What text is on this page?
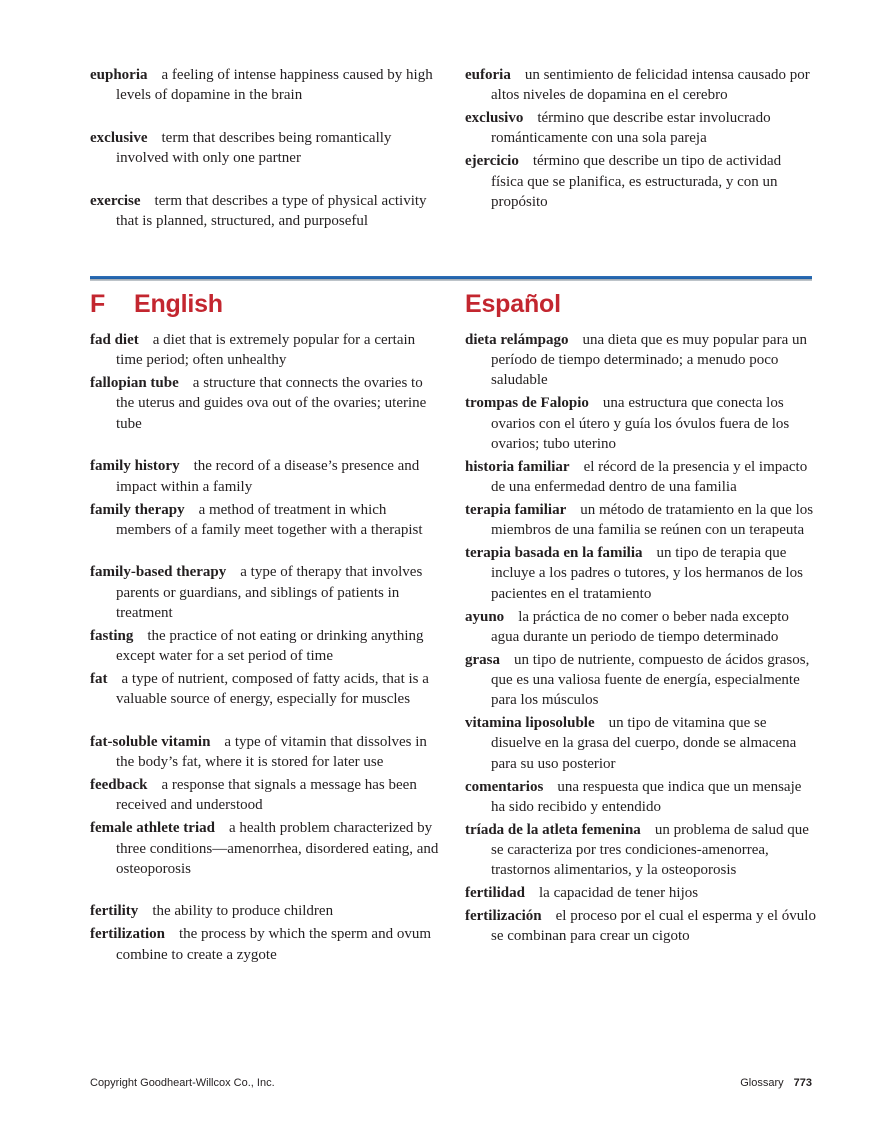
euphoria a feeling of intense happiness caused by high levels of dopamine in the brain
exclusive term that describes being romantically involved with only one partner
exercise term that describes a type of physical activity that is planned, structured, and purposeful
euforia un sentimiento de felicidad intensa causado por altos niveles de dopamina en el cerebro
exclusivo término que describe estar involucrado románticamente con una sola pareja
ejercicio término que describe un tipo de actividad física que se planifica, es estructurada, y con un propósito
F English	Español
fad diet a diet that is extremely popular for a certain time period; often unhealthy
fallopian tube a structure that connects the ovaries to the uterus and guides ova out of the ovaries; uterine tube
family history the record of a disease’s presence and impact within a family
family therapy a method of treatment in which members of a family meet together with a therapist
family-based therapy a type of therapy that involves parents or guardians, and siblings of patients in treatment
fasting the practice of not eating or drinking anything except water for a set period of time
fat a type of nutrient, composed of fatty acids, that is a valuable source of energy, especially for muscles
fat-soluble vitamin a type of vitamin that dissolves in the body’s fat, where it is stored for later use
feedback a response that signals a message has been received and understood
female athlete triad a health problem characterized by three conditions—amenorrhea, disordered eating, and osteoporosis
fertility the ability to produce children
fertilization the process by which the sperm and ovum combine to create a zygote
dieta relámpago una dieta que es muy popular para un período de tiempo determinado; a menudo poco saludable
trompas de Falopio una estructura que conecta los ovarios con el útero y guía los óvulos fuera de los ovarios; tubo uterino
historia familiar el récord de la presencia y el impacto de una enfermedad dentro de una familia
terapia familiar un método de tratamiento en la que los miembros de una familia se reúnen con un terapeuta
terapia basada en la familia un tipo de terapia que incluye a los padres o tutores, y los hermanos de los pacientes en el tratamiento
ayuno la práctica de no comer o beber nada excepto agua durante un periodo de tiempo determinado
grasa un tipo de nutriente, compuesto de ácidos grasos, que es una valiosa fuente de energía, especialmente para los músculos
vitamina liposoluble un tipo de vitamina que se disuelve en la grasa del cuerpo, donde se almacena para su uso posterior
comentarios una respuesta que indica que un mensaje ha sido recibido y entendido
tríada de la atleta femenina un problema de salud que se caracteriza por tres condiciones-amenorrea, trastornos alimentarios, y la osteoporosis
fertilidad la capacidad de tener hijos
fertilización el proceso por el cual el esperma y el óvulo se combinan para crear un cigoto
Copyright Goodheart-Willcox Co., Inc.	Glossary 773
